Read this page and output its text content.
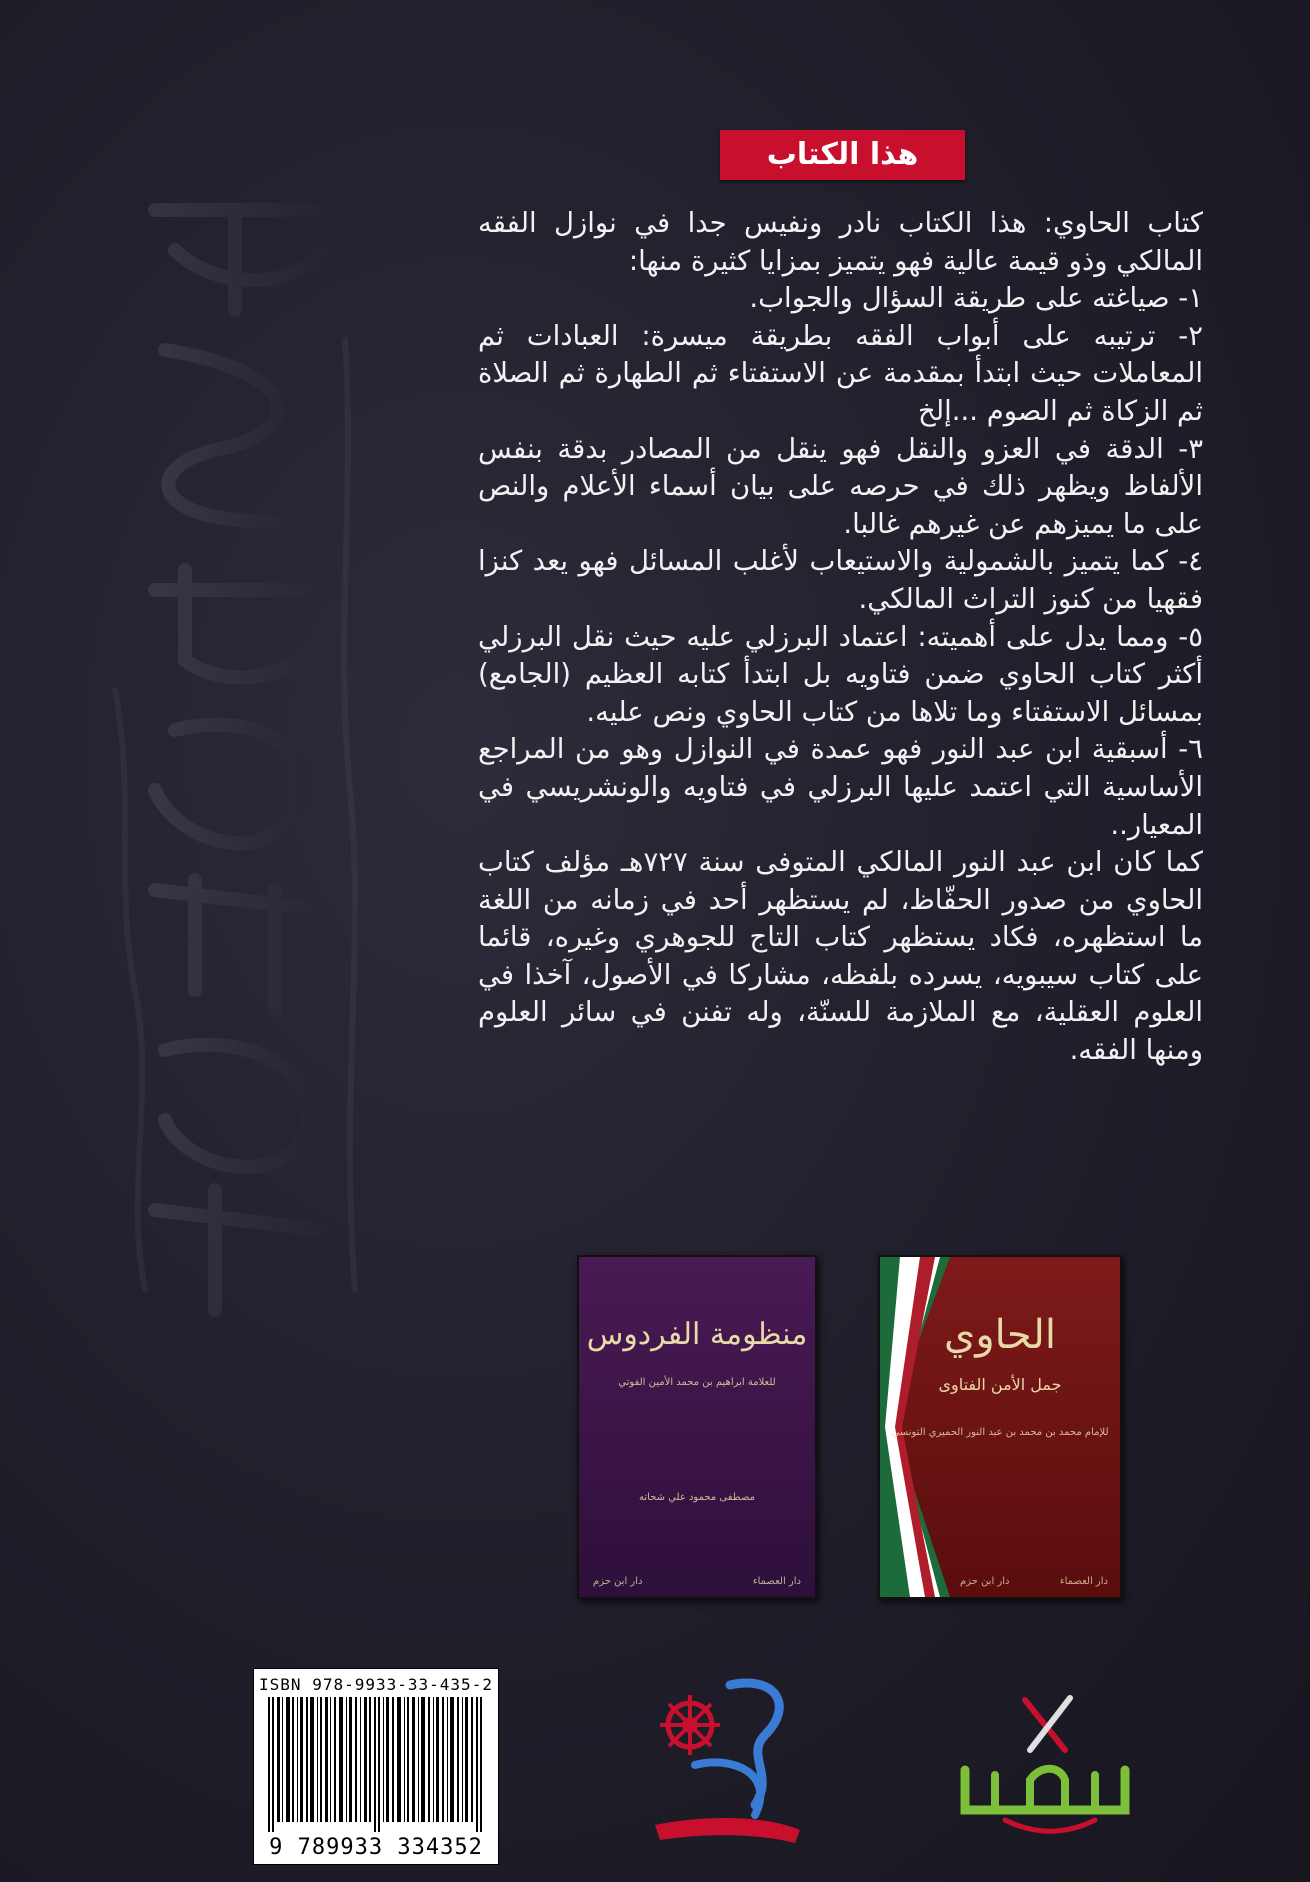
هذا الكتاب

كتاب الحاوي: هذا الكتاب نادر ونفيس جدا في نوازل الفقه المالكي وذو قيمة عالية فهو يتميز بمزايا كثيرة منها:

١- صياغته على طريقة السؤال والجواب.

٢- ترتيبه على أبواب الفقه بطريقة ميسرة: العبادات ثم المعاملات حيث ابتدأ بمقدمة عن الاستفتاء ثم الطهارة ثم الصلاة ثم الزكاة ثم الصوم ...إلخ

٣- الدقة في العزو والنقل فهو ينقل من المصادر بدقة بنفس الألفاظ ويظهر ذلك في حرصه على بيان أسماء الأعلام والنص على ما يميزهم عن غيرهم غالبا.

٤- كما يتميز بالشمولية والاستيعاب لأغلب المسائل فهو يعد كنزا فقهيا من كنوز التراث المالكي.

٥- ومما يدل على أهميته: اعتماد البرزلي عليه حيث نقل البرزلي أكثر كتاب الحاوي ضمن فتاويه بل ابتدأ كتابه العظيم (الجامع) بمسائل الاستفتاء وما تلاها من كتاب الحاوي ونص عليه.

٦- أسبقية ابن عبد النور فهو عمدة في النوازل وهو من المراجع الأساسية التي اعتمد عليها البرزلي في فتاويه والونشريسي في المعيار..

كما كان ابن عبد النور المالكي المتوفى سنة ٧٢٧هـ مؤلف كتاب الحاوي من صدور الحفّاظ، لم يستظهر أحد في زمانه من اللغة ما استظهره، فكاد يستظهر كتاب التاج للجوهري وغيره، قائما على كتاب سيبويه، يسرده بلفظه، مشاركا في الأصول، آخذا في العلوم العقلية، مع الملازمة للسنّة، وله تفنن في سائر العلوم ومنها الفقه.

الحاوي
جمل الأمن الفتاوى
للإمام محمد بن محمد بن عبد النور الحميري التونسي
دار ابن حزم	دار العصماء
منظومة الفردوس
للعلامة ابراهيم بن محمد الأمين الفوتي
مصطفى محمود علي شحاته
دار ابن حزم	دار العصماء
ISBN 978-9933-33-435-2
9 789933 334352
